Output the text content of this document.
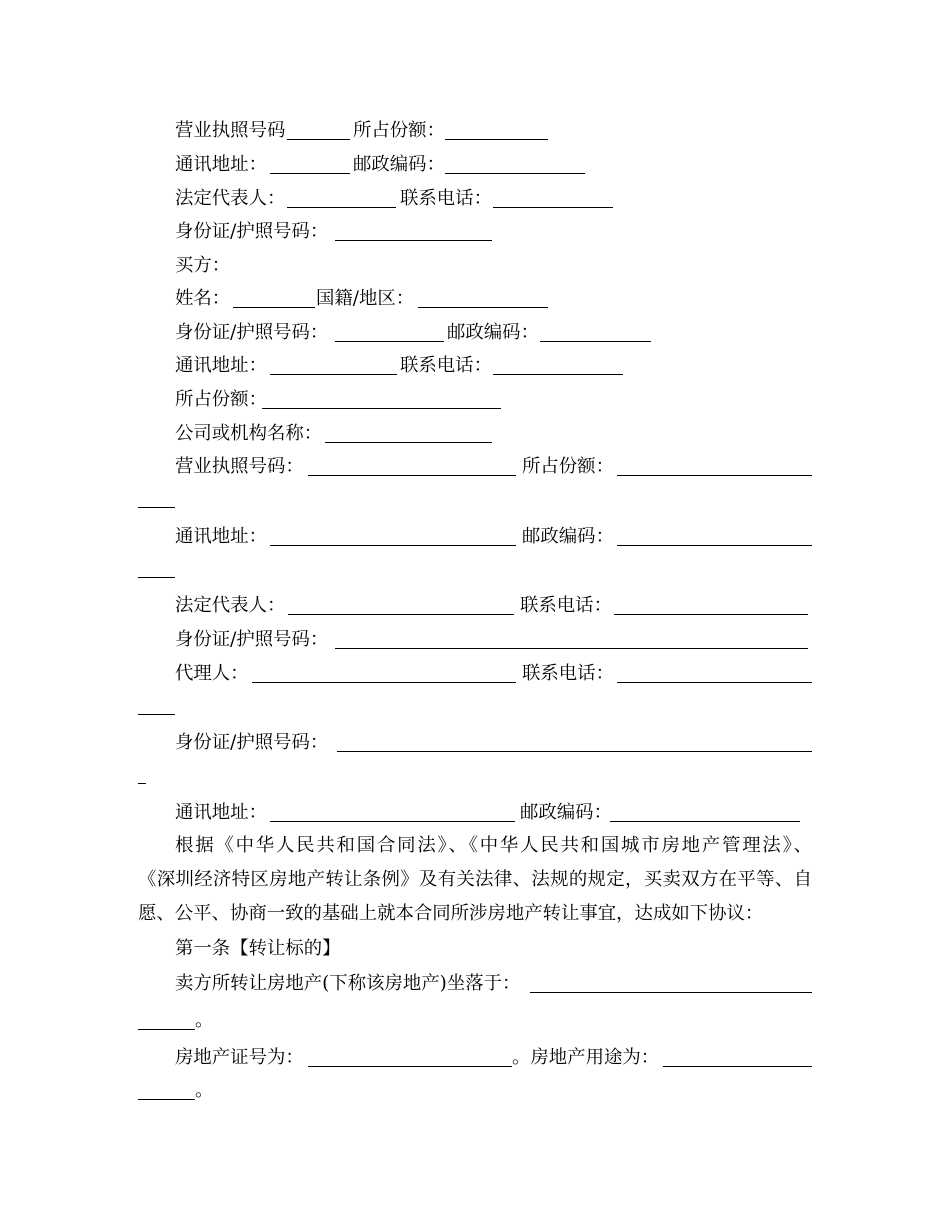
营业执照号码	所占份额：
通讯地址：	邮政编码：
法定代表人：	联系电话：
身份证/护照号码：
买方：
姓名：	国籍/地区：
身份证/护照号码：	邮政编码：
通讯地址：	联系电话：
所占份额：
公司或机构名称：
营业执照号码：	所占份额：
通讯地址：	邮政编码：
法定代表人：	联系电话：
身份证/护照号码：
代理人：	联系电话：
身份证/护照号码：
通讯地址：	邮政编码：
根据《中华人民共和国合同法》、《中华人民共和国城市房地产管理法》、
《深圳经济特区房地产转让条例》及有关法律、法规的规定，买卖双方在平等、自
愿、公平、协商一致的基础上就本合同所涉房地产转让事宜，达成如下协议：
第一条【转让标的】
卖方所转让房地产(下称该房地产)坐落于：
。
房地产证号为：	。房地产用途为：
。
